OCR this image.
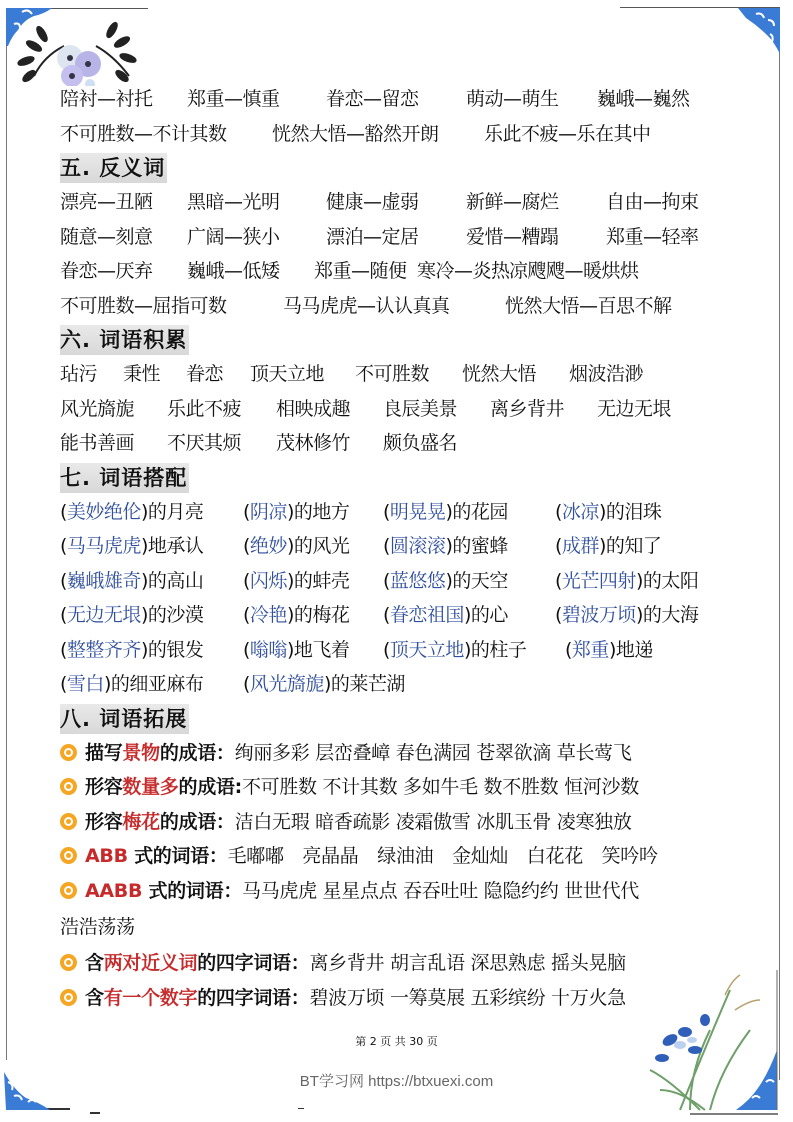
陪衬—衬托 郑重—慎重 眷恋—留恋 萌动—萌生 巍峨—巍然
不可胜数—不计其数 恍然大悟—豁然开朗 乐此不疲—乐在其中
五. 反义词
漂亮—丑陋 黑暗—光明 健康—虚弱 新鲜—腐烂 自由—拘束
随意—刻意 广阔—狭小 漂泊—定居 爱惜—糟蹋 郑重—轻率
眷恋—厌弃 巍峨—低矮 郑重—随便 寒冷—炎热凉飕飕—暖烘烘
不可胜数—屈指可数	马马虎虎—认认真真	恍然大悟—百思不解
六. 词语积累
玷污 秉性 眷恋 顶天立地 不可胜数 恍然大悟 烟波浩渺
风光旖旎 乐此不疲 相映成趣 良辰美景 离乡背井 无边无垠
能书善画 不厌其烦 茂林修竹 颇负盛名
七. 词语搭配
(美妙绝伦)的月亮 (阴凉)的地方 (明晃晃)的花园 (冰凉)的泪珠
(马马虎虎)地承认 (绝妙)的风光 (圆滚滚)的蜜蜂 (成群)的知了
(巍峨雄奇)的高山 (闪烁)的蚌壳 (蓝悠悠)的天空 (光芒四射)的太阳
(无边无垠)的沙漠 (冷艳)的梅花 (眷恋祖国)的心 (碧波万顷)的大海
(整整齐齐)的银发 (嗡嗡)地飞着 (顶天立地)的柱子 (郑重)地递
(雪白)的细亚麻布 (风光旖旎)的莱芒湖
八. 词语拓展
描写景物的成语：绚丽多彩 层峦叠嶂 春色满园 苍翠欲滴 草长莺飞
形容数量多的成语:不可胜数 不计其数 多如牛毛 数不胜数 恒河沙数
形容梅花的成语：洁白无瑕 暗香疏影 凌霜傲雪 冰肌玉骨 凌寒独放
ABB 式的词语：毛嘟嘟　亮晶晶　绿油油　金灿灿　白花花　笑吟吟
AABB 式的词语：马马虎虎 星星点点 吞吞吐吐 隐隐约约 世世代代
浩浩荡荡
含两对近义词的四字词语：离乡背井 胡言乱语 深思熟虑 摇头晃脑
含有一个数字的四字词语：碧波万顷 一筹莫展 五彩缤纷 十万火急
第 2 页 共 30 页
BT学习网 https://btxuexi.com
